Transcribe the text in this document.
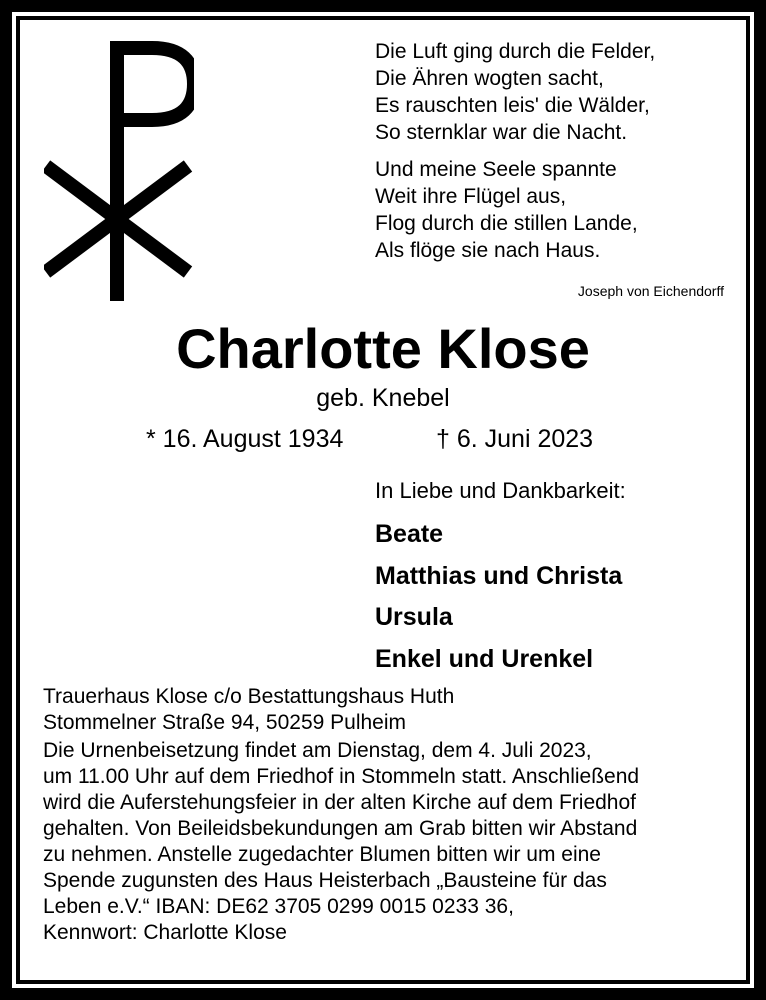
Die Luft ging durch die Felder,

Die Ähren wogten sacht,

Es rauschten leis' die Wälder,

So sternklar war die Nacht.

Und meine Seele spannte

Weit ihre Flügel aus,

Flog durch die stillen Lande,

Als flöge sie nach Haus.

Joseph von Eichendorff
Charlotte Klose
geb. Knebel
* 16. August 1934	† 6. Juni 2023
In Liebe und Dankbarkeit:
Beate
Matthias und Christa
Ursula
Enkel und Urenkel

Trauerhaus Klose c/o Bestattungshaus Huth

Stommelner Straße 94, 50259 Pulheim

Die Urnenbeisetzung findet am Dienstag, dem 4. Juli 2023,

um 11.00 Uhr auf dem Friedhof in Stommeln statt. Anschließend

wird die Auferstehungsfeier in der alten Kirche auf dem Friedhof

gehalten. Von Beileidsbekundungen am Grab bitten wir Abstand

zu nehmen. Anstelle zugedachter Blumen bitten wir um eine

Spende zugunsten des Haus Heisterbach „Bausteine für das

Leben e.V.“ IBAN: DE62 3705 0299 0015 0233 36,

Kennwort: Charlotte Klose
